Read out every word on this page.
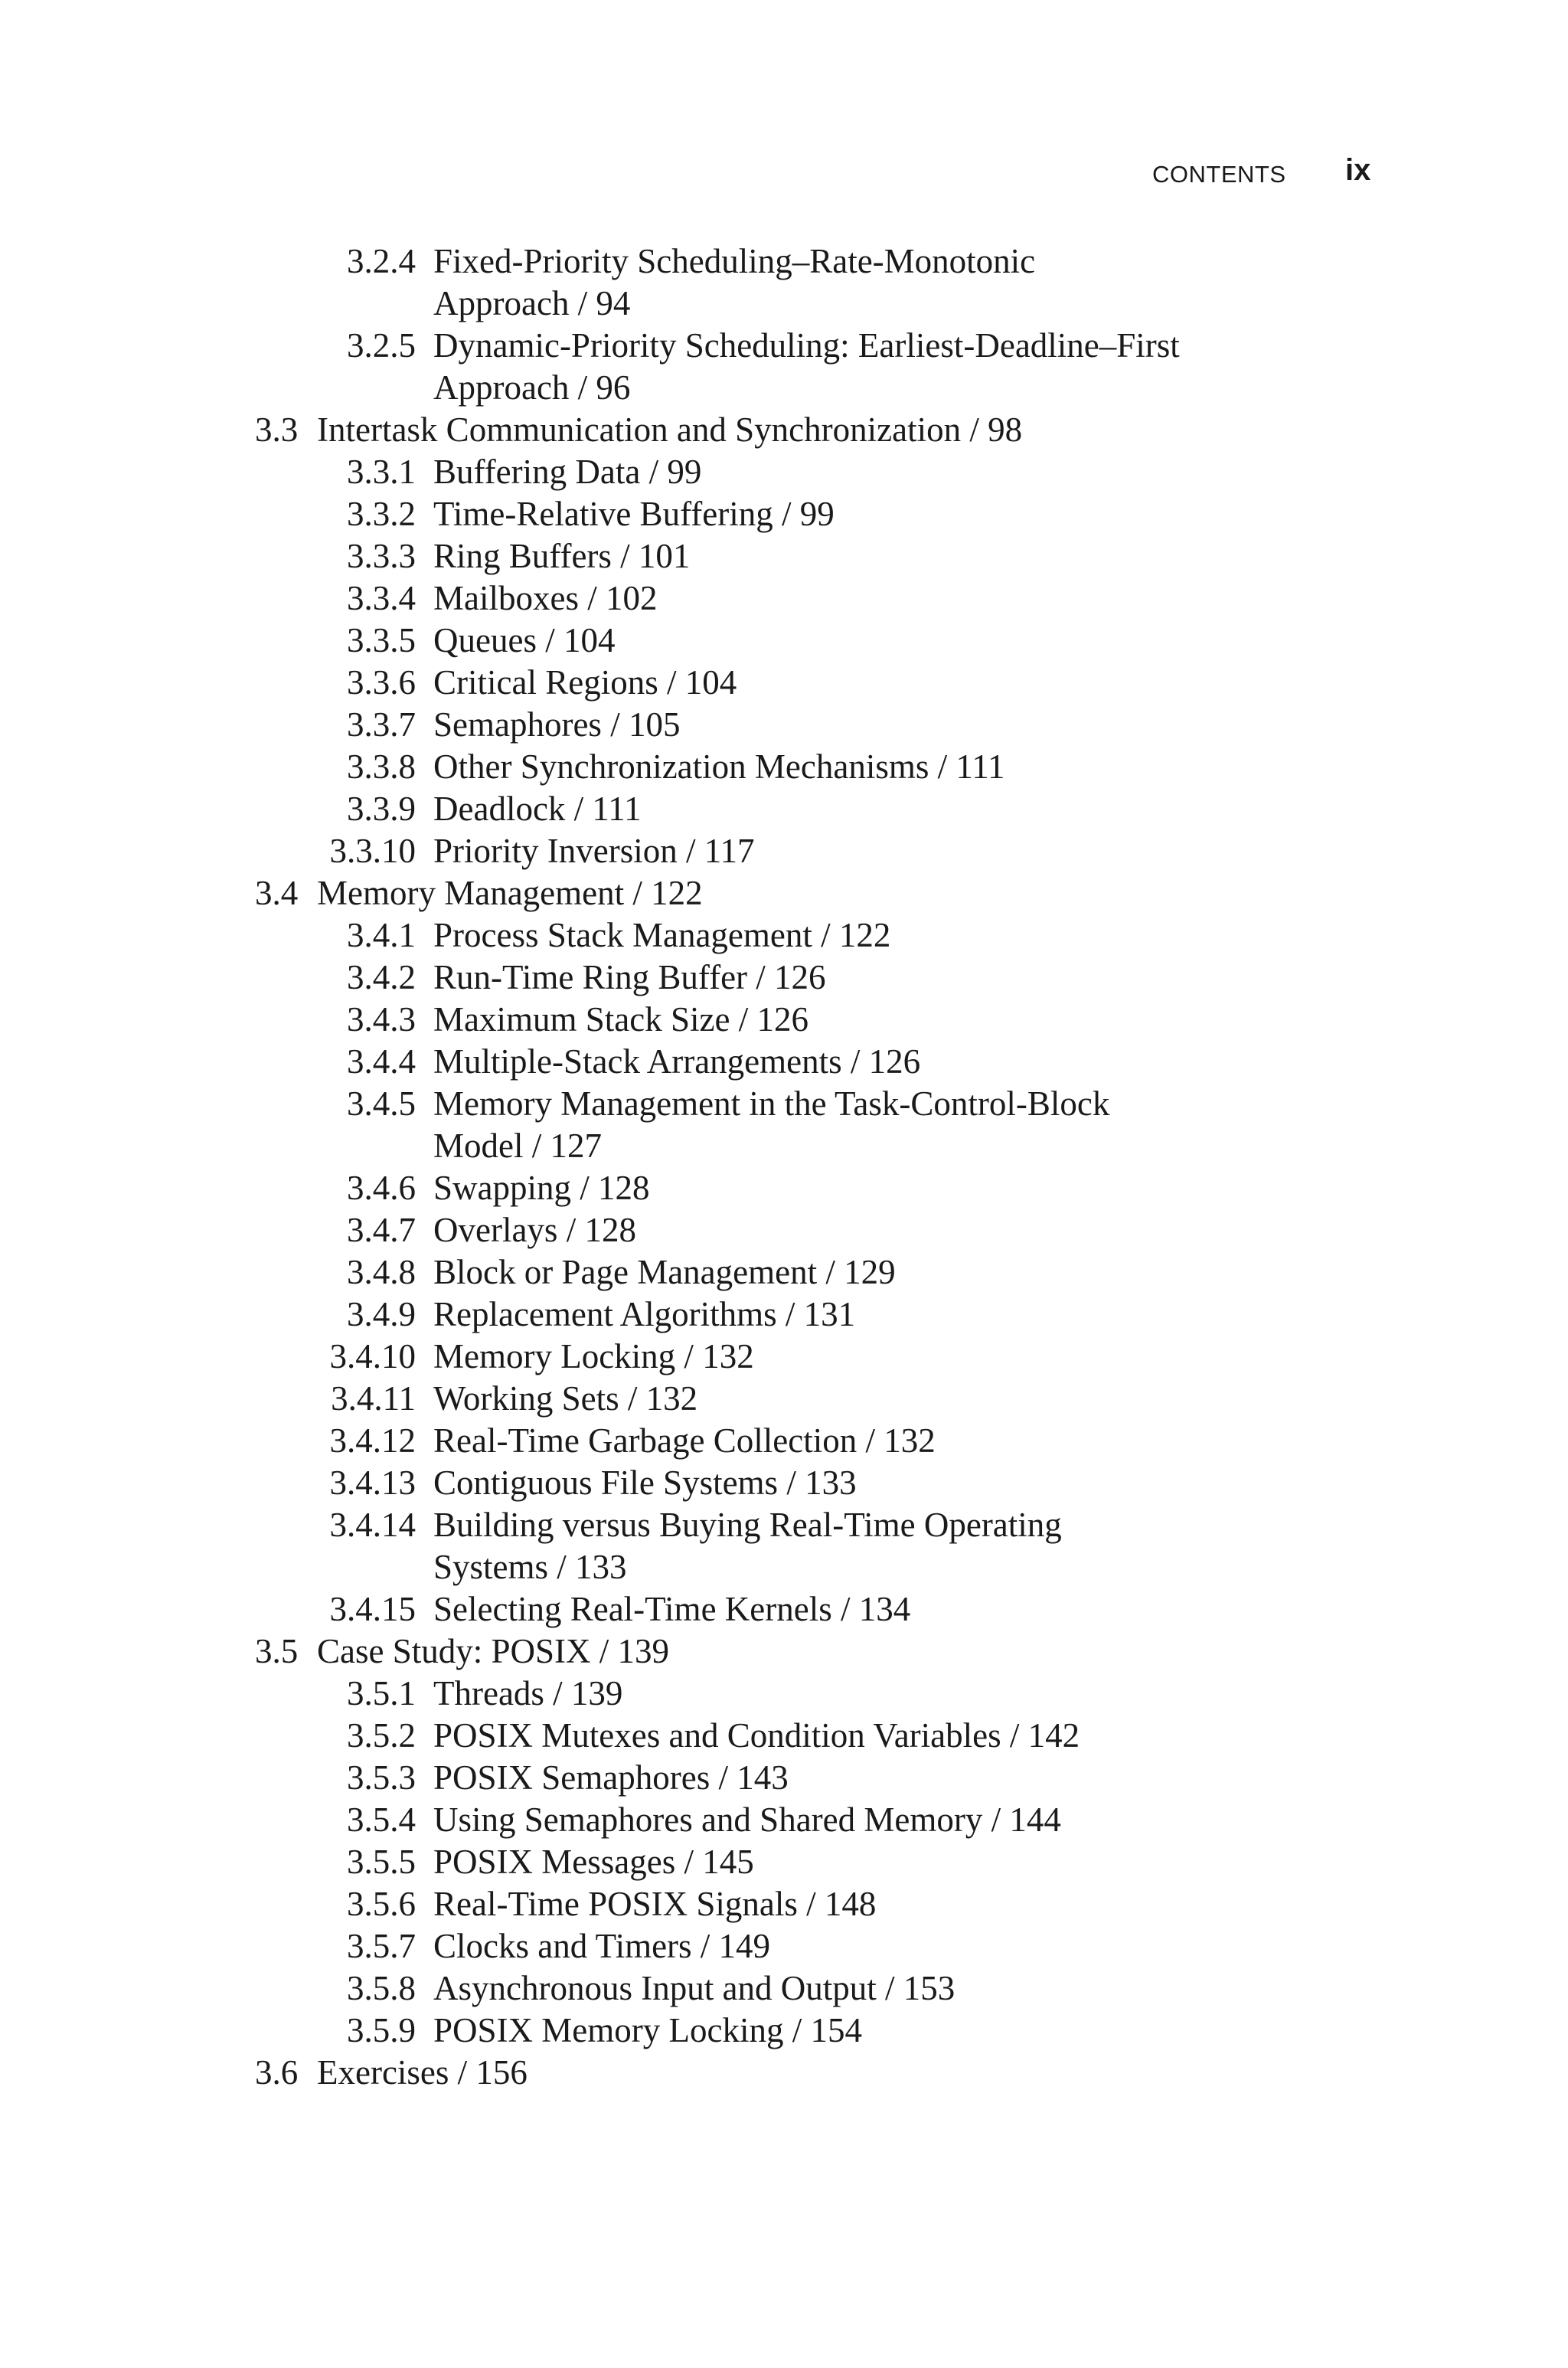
CONTENTS ix
3.2.4 Fixed-Priority Scheduling–Rate-Monotonic
Approach / 94
3.2.5 Dynamic-Priority Scheduling: Earliest-Deadline–First
Approach / 96
3.3 Intertask Communication and Synchronization / 98
3.3.1 Buffering Data / 99
3.3.2 Time-Relative Buffering / 99
3.3.3 Ring Buffers / 101
3.3.4 Mailboxes / 102
3.3.5 Queues / 104
3.3.6 Critical Regions / 104
3.3.7 Semaphores / 105
3.3.8 Other Synchronization Mechanisms / 111
3.3.9 Deadlock / 111
3.3.10 Priority Inversion / 117
3.4 Memory Management / 122
3.4.1 Process Stack Management / 122
3.4.2 Run-Time Ring Buffer / 126
3.4.3 Maximum Stack Size / 126
3.4.4 Multiple-Stack Arrangements / 126
3.4.5 Memory Management in the Task-Control-Block
Model / 127
3.4.6 Swapping / 128
3.4.7 Overlays / 128
3.4.8 Block or Page Management / 129
3.4.9 Replacement Algorithms / 131
3.4.10 Memory Locking / 132
3.4.11 Working Sets / 132
3.4.12 Real-Time Garbage Collection / 132
3.4.13 Contiguous File Systems / 133
3.4.14 Building versus Buying Real-Time Operating
Systems / 133
3.4.15 Selecting Real-Time Kernels / 134
3.5 Case Study: POSIX / 139
3.5.1 Threads / 139
3.5.2 POSIX Mutexes and Condition Variables / 142
3.5.3 POSIX Semaphores / 143
3.5.4 Using Semaphores and Shared Memory / 144
3.5.5 POSIX Messages / 145
3.5.6 Real-Time POSIX Signals / 148
3.5.7 Clocks and Timers / 149
3.5.8 Asynchronous Input and Output / 153
3.5.9 POSIX Memory Locking / 154
3.6 Exercises / 156
